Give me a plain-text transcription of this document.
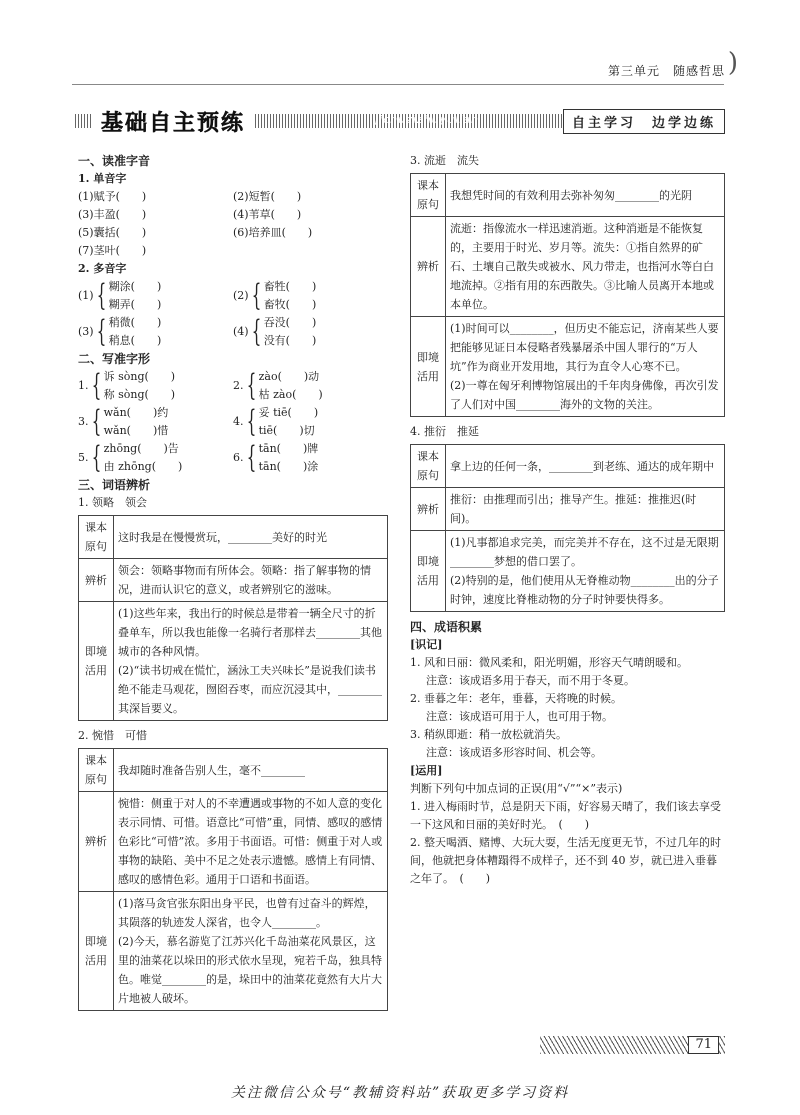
)
第三单元　随感哲思
基础自主预练	jichuzizhuyulian	自主学习　边学边练
一、读准字音
1. 单音字
(1)赋予(　　)	(2)短暂(　　)
(3)丰盈(　　)	(4)苇草(　　)
(5)囊括(　　)	(6)培养皿(　　)
(7)茎叶(　　)
2. 多音字
(1) { 糊涂(　　)
糊弄(　　)
(2) { 畜牲(　　)
畜牧(　　)
(3) { 稍微(　　)
稍息(　　)
(4) { 吞没(　　)
没有(　　)
二、写准字形
1. { 诉 sòng(　　)
称 sòng(　　)
2. { zào(　　)动
枯 zào(　　)
3. { wǎn(　　)约
wǎn(　　)惜
4. { 妥 tiē(　　)
tiē(　　)切
5. { zhōng(　　)告
由 zhōng(　　)
6. { tān(　　)牌
tān(　　)涂
三、词语辨析
1. 领略　领会
课本原句	这时我是在慢慢赏玩，________美好的时光
辨析	领会：领略事物而有所体会。领略：指了解事物的情况，进而认识它的意义，或者辨别它的滋味。
即境活用	(1)这些年来，我出行的时候总是带着一辆全尺寸的折叠单车，所以我也能像一名骑行者那样去________其他城市的各种风情。
(2)“读书切戒在慌忙，涵泳工夫兴味长”是说我们读书绝不能走马观花，囫囵吞枣，而应沉浸其中，________其深旨要义。
2. 惋惜　可惜
课本原句	我却随时准备告别人生，毫不________
辨析	惋惜：侧重于对人的不幸遭遇或事物的不如人意的变化表示同情、可惜。语意比“可惜”重，同情、感叹的感情色彩比“可惜”浓。多用于书面语。可惜：侧重于对人或事物的缺陷、美中不足之处表示遗憾。感情上有同情、感叹的感情色彩。通用于口语和书面语。
即境活用	(1)落马贪官张东阳出身平民，也曾有过奋斗的辉煌，其陨落的轨迹发人深省，也令人________。
(2)今天，慕名游览了江苏兴化千岛油菜花风景区，这里的油菜花以垛田的形式依水呈现，宛若千岛，独具特色。唯觉________的是，垛田中的油菜花竟然有大片大片地被人破坏。
3. 流逝　流失
课本原句	我想凭时间的有效利用去弥补匆匆________的光阴
辨析	流逝：指像流水一样迅速消逝。这种消逝是不能恢复的，主要用于时光、岁月等。流失：①指自然界的矿石、土壤自己散失或被水、风力带走，也指河水等白白地流掉。②指有用的东西散失。③比喻人员离开本地或本单位。
即境活用	(1)时间可以________，但历史不能忘记，济南某些人要把能够见证日本侵略者残暴屠杀中国人罪行的“万人坑”作为商业开发用地，其行为直令人心寒不已。
(2)一尊在匈牙利博物馆展出的千年肉身佛像，再次引发了人们对中国________海外的文物的关注。
4. 推衍　推延
课本原句	拿上边的任何一条，________到老练、通达的成年期中
辨析	推衍：由推理而引出；推导产生。推延：推推迟(时间)。
即境活用	(1)凡事都追求完美，而完美并不存在，这不过是无限期________梦想的借口罢了。
(2)特别的是，他们使用从无脊椎动物________出的分子时钟，速度比脊椎动物的分子时钟要快得多。
四、成语积累
[识记]
1. 风和日丽：微风柔和，阳光明媚，形容天气晴朗暖和。
注意：该成语多用于春天，而不用于冬夏。
2. 垂暮之年：老年，垂暮，天将晚的时候。
注意：该成语可用于人，也可用于物。
3. 稍纵即逝：稍一放松就消失。
注意：该成语多形容时间、机会等。
[运用]
判断下列句中加点词的正误(用“√”“×”表示)
1. 进入梅雨时节，总是阴天下雨，好容易天晴了，我们该去享受一下这风和日丽的美好时光。　(　　)
2. 整天喝酒、赌博、大玩大耍，生活无度更无节，不过几年的时间，他就把身体糟蹋得不成样子，还不到 40 岁，就已进入垂暮之年了。　(　　)
71
关注微信公众号“教辅资料站”获取更多学习资料
